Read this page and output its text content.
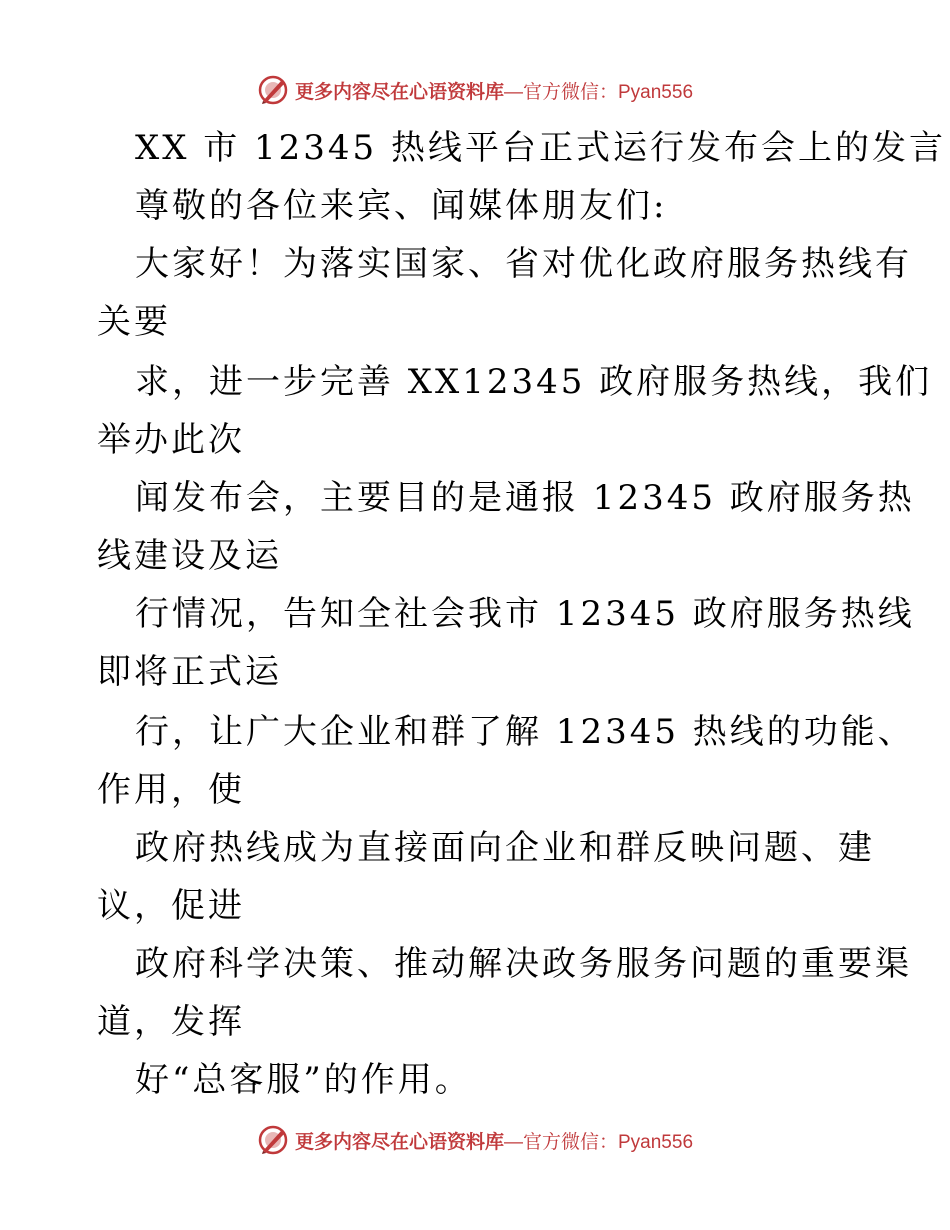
更多内容尽在心语资料库 —官方微信：Pyan556
XX 市 12345 热线平台正式运行发布会上的发言
尊敬的各位来宾、闻媒体朋友们:
大家好！为落实国家、省对优化政府服务热线有
关要
求，进一步完善 XX12345 政府服务热线，我们
举办此次
闻发布会，主要目的是通报 12345 政府服务热
线建设及运
行情况，告知全社会我市 12345 政府服务热线
即将正式运
行，让广大企业和群了解 12345 热线的功能、
作用，使
政府热线成为直接面向企业和群反映问题、建
议，促进
政府科学决策、推动解决政务服务问题的重要渠
道，发挥
好“总客服”的作用。
更多内容尽在心语资料库 —官方微信：Pyan556
